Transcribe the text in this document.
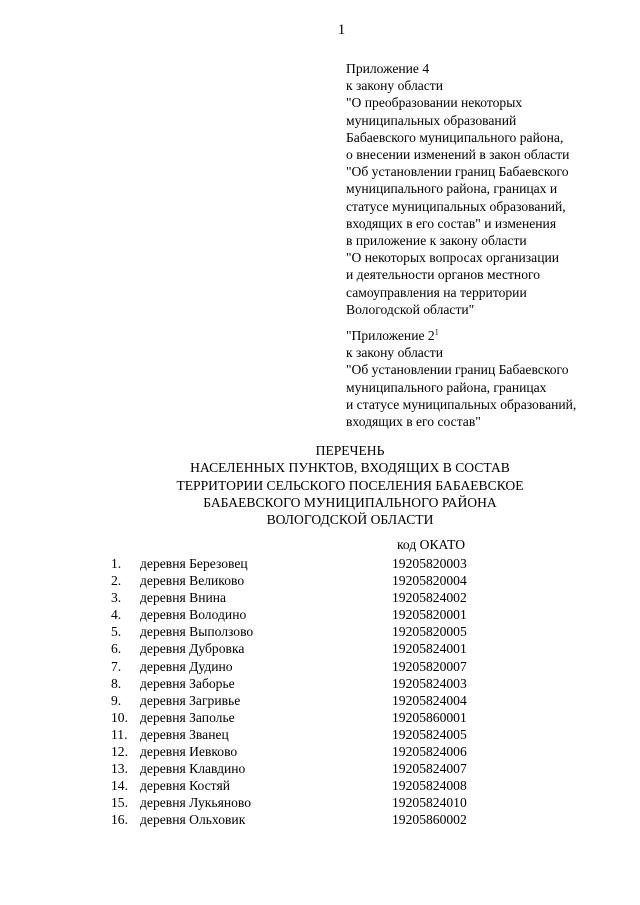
1
Приложение 4
к закону области
"О преобразовании некоторых
муниципальных образований
Бабаевского муниципального района,
о внесении изменений в закон области
"Об установлении границ Бабаевского
муниципального района, границах и
статусе муниципальных образований,
входящих в его состав" и изменения
в приложение к закону области
"О некоторых вопросах организации
и деятельности органов местного
самоуправления на территории
Вологодской области"
"Приложение $2^1$
к закону области
"Об установлении границ Бабаевского
муниципального района, границах
и статусе муниципальных образований,
входящих в его состав"
ПЕРЕЧЕНЬ
НАСЕЛЕННЫХ ПУНКТОВ, ВХОДЯЩИХ В СОСТАВ
ТЕРРИТОРИИ СЕЛЬСКОГО ПОСЕЛЕНИЯ БАБАЕВСКОЕ
БАБАЕВСКОГО МУНИЦИПАЛЬНОГО РАЙОНА
ВОЛОГОДСКОЙ ОБЛАСТИ
код ОКАТО
1. деревня Березовец	19205820003
2. деревня Великово	19205820004
3. деревня Внина	19205824002
4. деревня Володино	19205820001
5. деревня Выползово	19205820005
6. деревня Дубровка	19205824001
7. деревня Дудино	19205820007
8. деревня Заборье	19205824003
9. деревня Загривье	19205824004
10. деревня Заполье	19205860001
11. деревня Званец	19205824005
12. деревня Иевково	19205824006
13. деревня Клавдино	19205824007
14. деревня Костяй	19205824008
15. деревня Лукьяново	19205824010
16. деревня Ольховик	19205860002
